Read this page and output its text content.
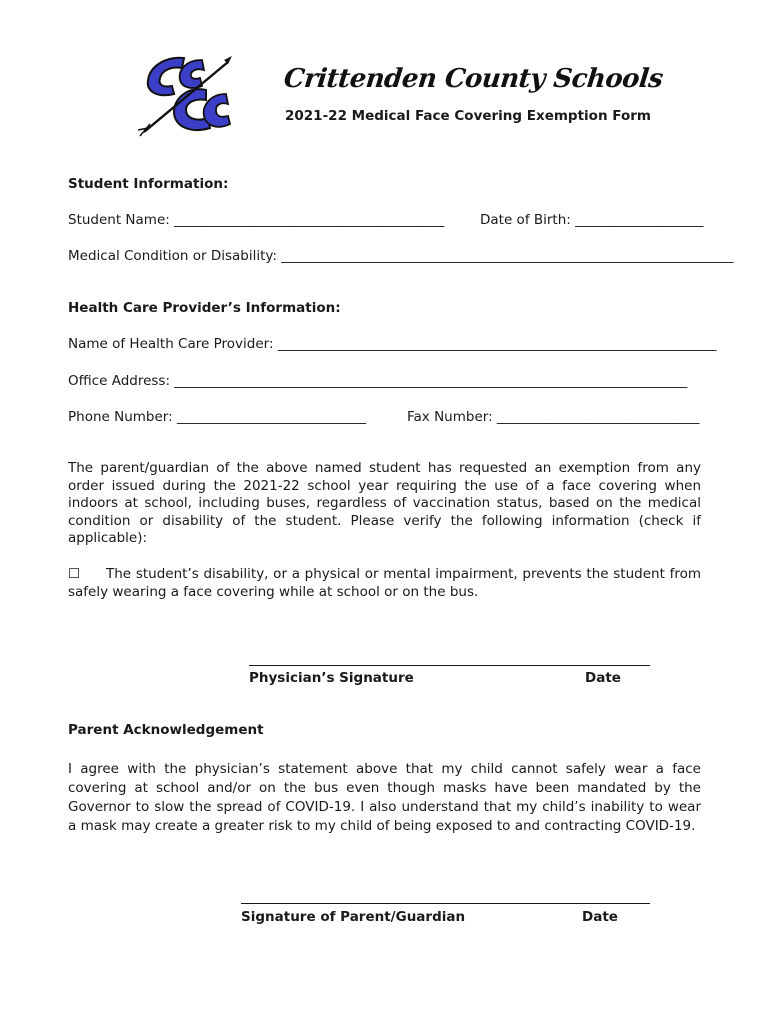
Crittenden County Schools
2021-22 Medical Face Covering Exemption Form
Student Information:
Student Name: ________________________________________	Date of Birth: ___________________
Medical Condition or Disability: ___________________________________________________________________
Health Care Provider’s Information:
Name of Health Care Provider: _________________________________________________________________
Office Address: ____________________________________________________________________________
Phone Number: ____________________________	Fax Number: ______________________________
The parent/guardian of the above named student has requested an exemption from any order issued during the 2021-22 school year requiring the use of a face covering when indoors at school, including buses, regardless of vaccination status, based on the medical condition or disability of the student. Please verify the following information (check if applicable):
☐ The student’s disability, or a physical or mental impairment, prevents the student from safely wearing a face covering while at school or on the bus.
Physician’s Signature	Date
Parent Acknowledgement
I agree with the physician’s statement above that my child cannot safely wear a face covering at school and/or on the bus even though masks have been mandated by the Governor to slow the spread of COVID-19. I also understand that my child’s inability to wear a mask may create a greater risk to my child of being exposed to and contracting COVID-19.
Signature of Parent/Guardian	Date
